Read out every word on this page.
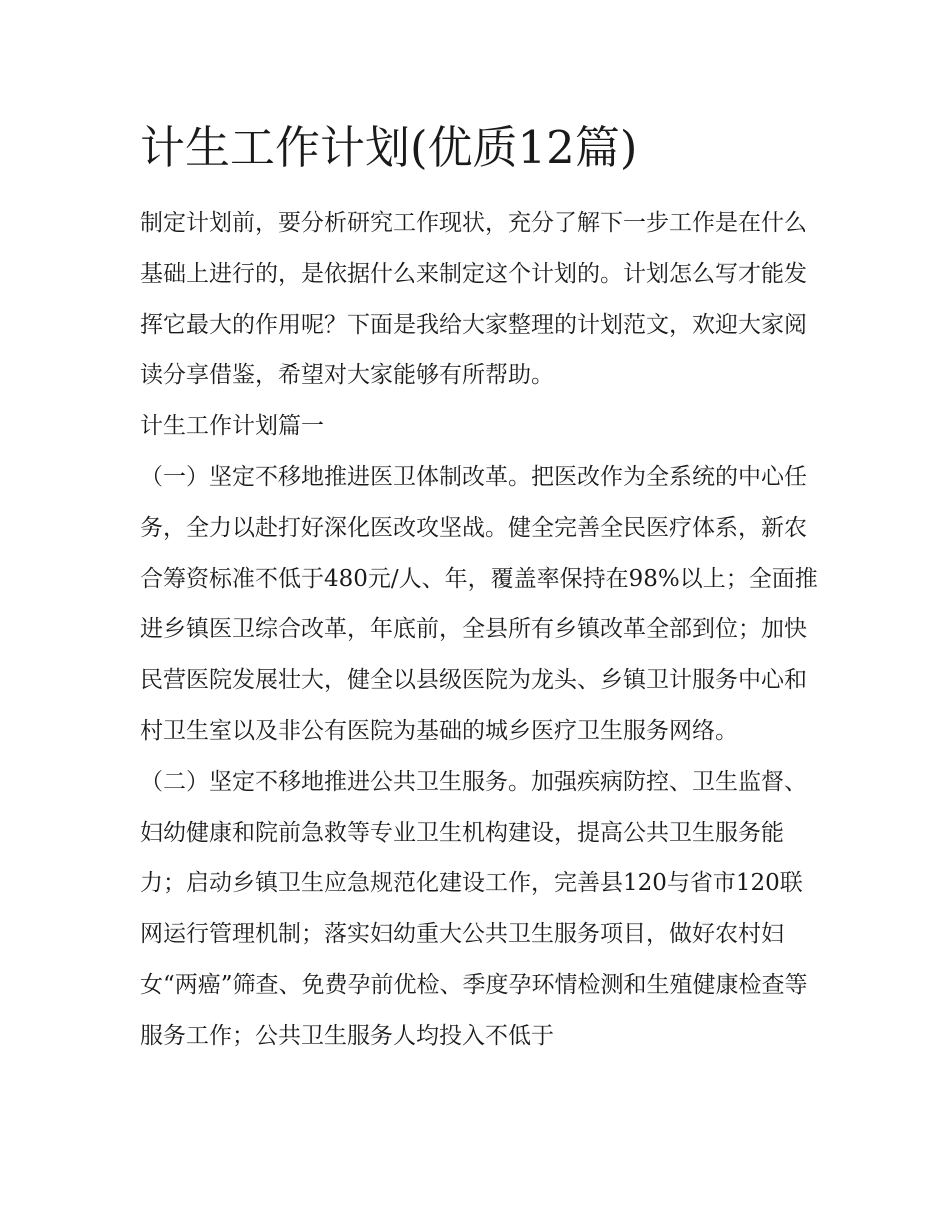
计生工作计划(优质12篇)

制定计划前，要分析研究工作现状，充分了解下一步工作是在什么基础上进行的，是依据什么来制定这个计划的。计划怎么写才能发挥它最大的作用呢？下面是我给大家整理的计划范文，欢迎大家阅读分享借鉴，希望对大家能够有所帮助。

计生工作计划篇一

（一）坚定不移地推进医卫体制改革。把医改作为全系统的中心任务，全力以赴打好深化医改攻坚战。健全完善全民医疗体系，新农合筹资标准不低于480元/人、年，覆盖率保持在98%以上；全面推进乡镇医卫综合改革，年底前，全县所有乡镇改革全部到位；加快民营医院发展壮大，健全以县级医院为龙头、乡镇卫计服务中心和村卫生室以及非公有医院为基础的城乡医疗卫生服务网络。

（二）坚定不移地推进公共卫生服务。加强疾病防控、卫生监督、妇幼健康和院前急救等专业卫生机构建设，提高公共卫生服务能力；启动乡镇卫生应急规范化建设工作，完善县120与省市120联网运行管理机制；落实妇幼重大公共卫生服务项目，做好农村妇女“两癌”筛查、免费孕前优检、季度孕环情检测和生殖健康检查等服务工作；公共卫生服务人均投入不低于
